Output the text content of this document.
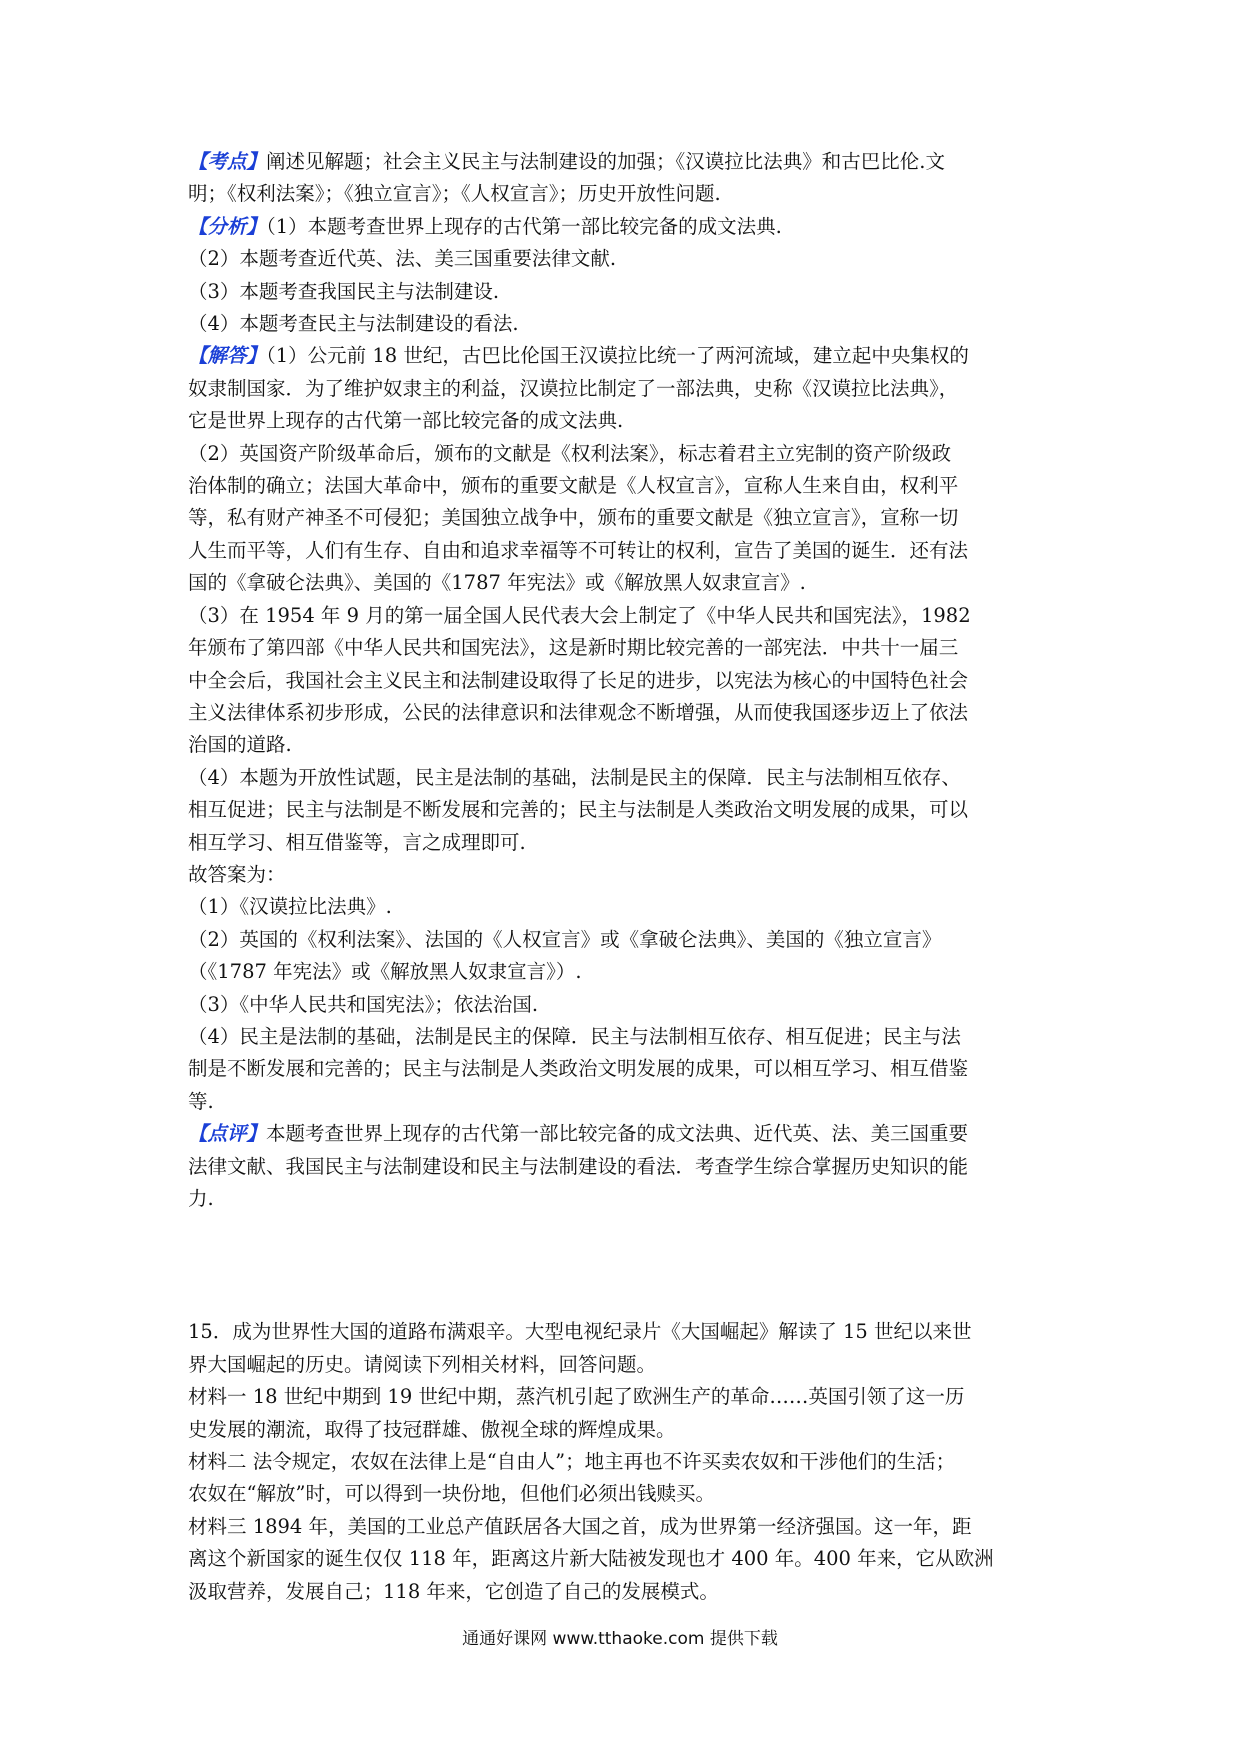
【考点】阐述见解题；社会主义民主与法制建设的加强；《汉谟拉比法典》和古巴比伦.文

明；《权利法案》；《独立宣言》；《人权宣言》；历史开放性问题.

【分析】（1）本题考查世界上现存的古代第一部比较完备的成文法典.

（2）本题考查近代英、法、美三国重要法律文献.

（3）本题考查我国民主与法制建设.

（4）本题考查民主与法制建设的看法.

【解答】（1）公元前 18 世纪，古巴比伦国王汉谟拉比统一了两河流域，建立起中央集权的

奴隶制国家．为了维护奴隶主的利益，汉谟拉比制定了一部法典，史称《汉谟拉比法典》，

它是世界上现存的古代第一部比较完备的成文法典.

（2）英国资产阶级革命后，颁布的文献是《权利法案》，标志着君主立宪制的资产阶级政

治体制的确立；法国大革命中，颁布的重要文献是《人权宣言》，宣称人生来自由，权利平

等，私有财产神圣不可侵犯；美国独立战争中，颁布的重要文献是《独立宣言》，宣称一切

人生而平等，人们有生存、自由和追求幸福等不可转让的权利，宣告了美国的诞生．还有法

国的《拿破仑法典》、美国的《1787 年宪法》或《解放黑人奴隶宣言》.

（3）在 1954 年 9 月的第一届全国人民代表大会上制定了《中华人民共和国宪法》，1982

年颁布了第四部《中华人民共和国宪法》，这是新时期比较完善的一部宪法．中共十一届三

中全会后，我国社会主义民主和法制建设取得了长足的进步，以宪法为核心的中国特色社会

主义法律体系初步形成，公民的法律意识和法律观念不断增强，从而使我国逐步迈上了依法

治国的道路.

（4）本题为开放性试题，民主是法制的基础，法制是民主的保障．民主与法制相互依存、

相互促进；民主与法制是不断发展和完善的；民主与法制是人类政治文明发展的成果，可以

相互学习、相互借鉴等，言之成理即可.

故答案为：

（1）《汉谟拉比法典》.

（2）英国的《权利法案》、法国的《人权宣言》或《拿破仑法典》、美国的《独立宣言》

（《1787 年宪法》或《解放黑人奴隶宣言》）.

（3）《中华人民共和国宪法》；依法治国.

（4）民主是法制的基础，法制是民主的保障．民主与法制相互依存、相互促进；民主与法

制是不断发展和完善的；民主与法制是人类政治文明发展的成果，可以相互学习、相互借鉴

等.

【点评】本题考查世界上现存的古代第一部比较完备的成文法典、近代英、法、美三国重要

法律文献、我国民主与法制建设和民主与法制建设的看法．考查学生综合掌握历史知识的能

力.

15．成为世界性大国的道路布满艰辛。大型电视纪录片《大国崛起》解读了 15 世纪以来世

界大国崛起的历史。请阅读下列相关材料，回答问题。

材料一 18 世纪中期到 19 世纪中期，蒸汽机引起了欧洲生产的革命……英国引领了这一历

史发展的潮流，取得了技冠群雄、傲视全球的辉煌成果。

材料二 法令规定，农奴在法律上是“自由人”；地主再也不许买卖农奴和干涉他们的生活；

农奴在“解放”时，可以得到一块份地，但他们必须出钱赎买。

材料三 1894 年，美国的工业总产值跃居各大国之首，成为世界第一经济强国。这一年，距

离这个新国家的诞生仅仅 118 年，距离这片新大陆被发现也才 400 年。400 年来，它从欧洲

汲取营养，发展自己；118 年来，它创造了自己的发展模式。

通通好课网 www.tthaoke.com 提供下载
